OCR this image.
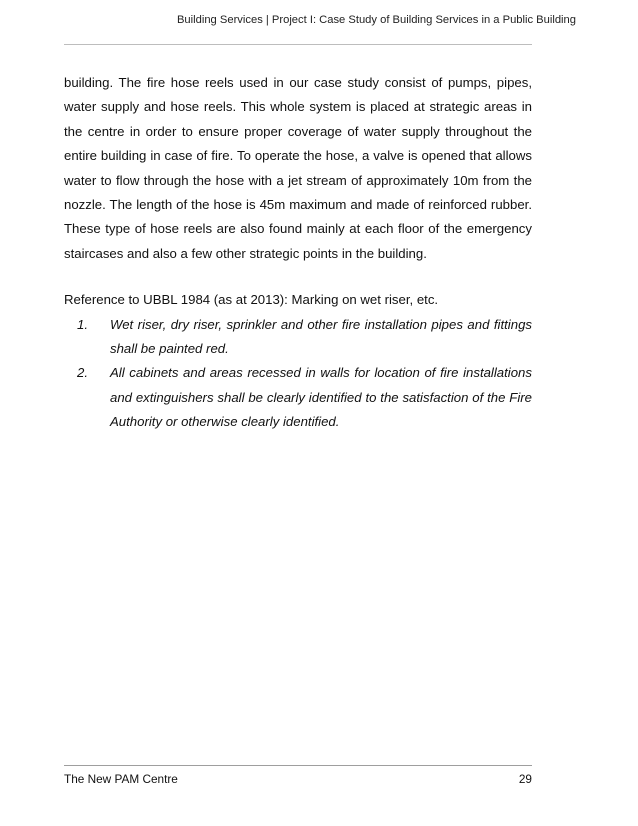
Building Services | Project I: Case Study of Building Services in a Public Building

building. The fire hose reels used in our case study consist of pumps, pipes, water supply and hose reels. This whole system is placed at strategic areas in the centre in order to ensure proper coverage of water supply throughout the entire building in case of fire. To operate the hose, a valve is opened that allows water to flow through the hose with a jet stream of approximately 10m from the nozzle. The length of the hose is 45m maximum and made of reinforced rubber. These type of hose reels are also found mainly at each floor of the emergency staircases and also a few other strategic points in the building.

Reference to UBBL 1984 (as at 2013): Marking on wet riser, etc.

1. Wet riser, dry riser, sprinkler and other fire installation pipes and fittings shall be painted red.
2. All cabinets and areas recessed in walls for location of fire installations and extinguishers shall be clearly identified to the satisfaction of the Fire Authority or otherwise clearly identified.
The New PAM Centre	29
